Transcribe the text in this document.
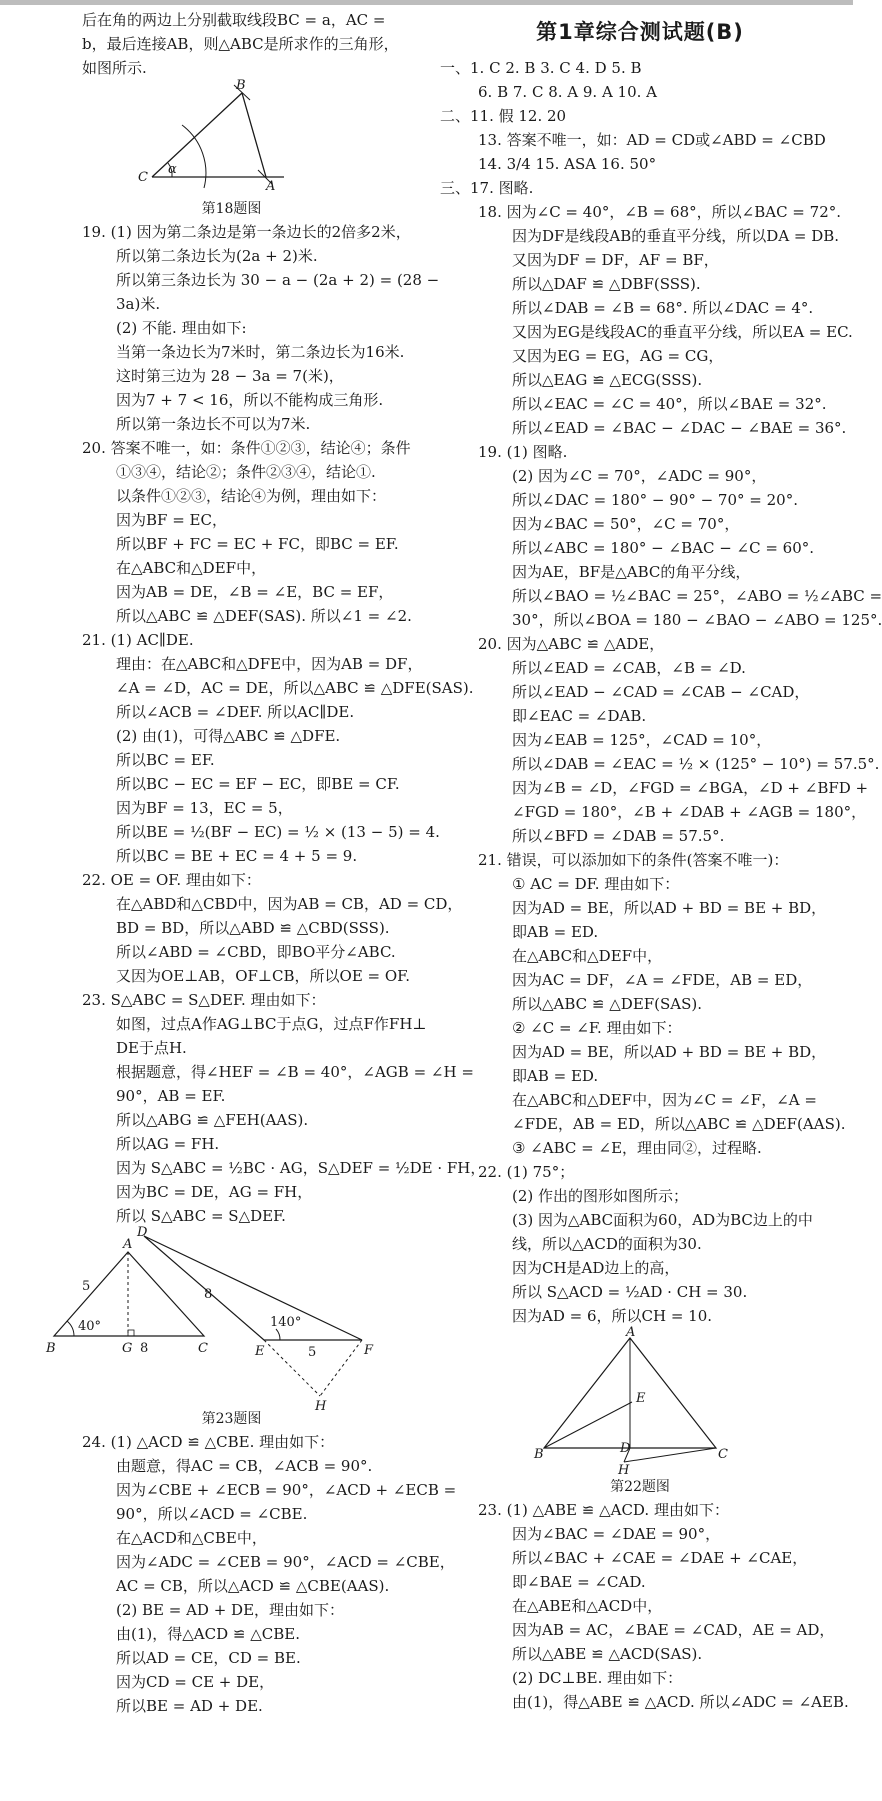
后在角的两边上分别截取线段BC = a，AC =
b，最后连接AB，则△ABC是所求作的三角形，
如图所示.
C
B
A
α
第18题图
19. (1) 因为第二条边是第一条边长的2倍多2米，
所以第二条边长为(2a + 2)米.
所以第三条边长为 30 − a − (2a + 2) = (28 −
3a)米.
(2) 不能. 理由如下:
当第一条边长为7米时，第二条边长为16米.
这时第三边为 28 − 3a = 7(米)，
因为7 + 7 < 16，所以不能构成三角形.
所以第一条边长不可以为7米.
20. 答案不唯一，如：条件①②③，结论④；条件
①③④，结论②；条件②③④，结论①.
以条件①②③，结论④为例，理由如下：
因为BF = EC，
所以BF + FC = EC + FC，即BC = EF.
在△ABC和△DEF中，
因为AB = DE，∠B = ∠E，BC = EF，
所以△ABC ≌ △DEF(SAS). 所以∠1 = ∠2.
21. (1) AC∥DE.
理由：在△ABC和△DFE中，因为AB = DF，
∠A = ∠D，AC = DE，所以△ABC ≌ △DFE(SAS).
所以∠ACB = ∠DEF. 所以AC∥DE.
(2) 由(1)，可得△ABC ≌ △DFE.
所以BC = EF.
所以BC − EC = EF − EC，即BE = CF.
因为BF = 13，EC = 5，
所以BE = ½(BF − EC) = ½ × (13 − 5) = 4.
所以BC = BE + EC = 4 + 5 = 9.
22. OE = OF. 理由如下：
在△ABD和△CBD中，因为AB = CB，AD = CD，
BD = BD，所以△ABD ≌ △CBD(SSS).
所以∠ABD = ∠CBD，即BO平分∠ABC.
又因为OE⊥AB，OF⊥CB，所以OE = OF.
23. S△ABC = S△DEF. 理由如下：
如图，过点A作AG⊥BC于点G，过点F作FH⊥
DE于点H.
根据题意，得∠HEF = ∠B = 40°，∠AGB = ∠H =
90°，AB = EF.
所以△ABG ≌ △FEH(AAS).
所以AG = FH.
因为 S△ABC = ½BC · AG，S△DEF = ½DE · FH，
因为BC = DE，AG = FH，
所以 S△ABC = S△DEF.
A
B	G	C
D
E	F
H
5
8
8
5
40°	140°
第23题图
24. (1) △ACD ≌ △CBE. 理由如下：
由题意，得AC = CB，∠ACB = 90°.
因为∠CBE + ∠ECB = 90°，∠ACD + ∠ECB =
90°，所以∠ACD = ∠CBE.
在△ACD和△CBE中，
因为∠ADC = ∠CEB = 90°，∠ACD = ∠CBE，
AC = CB，所以△ACD ≌ △CBE(AAS).
(2) BE = AD + DE，理由如下：
由(1)，得△ACD ≌ △CBE.
所以AD = CE，CD = BE.
因为CD = CE + DE，
所以BE = AD + DE.
第1章综合测试题(B)
一、1. C 2. B 3. C 4. D 5. B
6. B 7. C 8. A 9. A 10. A
二、11. 假 12. 20
13. 答案不唯一，如：AD = CD或∠ABD = ∠CBD
14. 3/4 15. ASA 16. 50°
三、17. 图略.
18. 因为∠C = 40°，∠B = 68°，所以∠BAC = 72°.
因为DF是线段AB的垂直平分线，所以DA = DB.
又因为DF = DF，AF = BF，
所以△DAF ≌ △DBF(SSS).
所以∠DAB = ∠B = 68°. 所以∠DAC = 4°.
又因为EG是线段AC的垂直平分线，所以EA = EC.
又因为EG = EG，AG = CG，
所以△EAG ≌ △ECG(SSS).
所以∠EAC = ∠C = 40°，所以∠BAE = 32°.
所以∠EAD = ∠BAC − ∠DAC − ∠BAE = 36°.
19. (1) 图略.
(2) 因为∠C = 70°，∠ADC = 90°，
所以∠DAC = 180° − 90° − 70° = 20°.
因为∠BAC = 50°，∠C = 70°，
所以∠ABC = 180° − ∠BAC − ∠C = 60°.
因为AE，BF是△ABC的角平分线，
所以∠BAO = ½∠BAC = 25°，∠ABO = ½∠ABC =
30°，所以∠BOA = 180 − ∠BAO − ∠ABO = 125°.
20. 因为△ABC ≌ △ADE，
所以∠EAD = ∠CAB，∠B = ∠D.
所以∠EAD − ∠CAD = ∠CAB − ∠CAD，
即∠EAC = ∠DAB.
因为∠EAB = 125°，∠CAD = 10°，
所以∠DAB = ∠EAC = ½ × (125° − 10°) = 57.5°.
因为∠B = ∠D，∠FGD = ∠BGA，∠D + ∠BFD +
∠FGD = 180°，∠B + ∠DAB + ∠AGB = 180°，
所以∠BFD = ∠DAB = 57.5°.
21. 错误，可以添加如下的条件(答案不唯一)：
① AC = DF. 理由如下：
因为AD = BE，所以AD + BD = BE + BD，
即AB = ED.
在△ABC和△DEF中，
因为AC = DF，∠A = ∠FDE，AB = ED，
所以△ABC ≌ △DEF(SAS).
② ∠C = ∠F. 理由如下：
因为AD = BE，所以AD + BD = BE + BD，
即AB = ED.
在△ABC和△DEF中，因为∠C = ∠F，∠A =
∠FDE，AB = ED，所以△ABC ≌ △DEF(AAS).
③ ∠ABC = ∠E，理由同②，过程略.
22. (1) 75°；
(2) 作出的图形如图所示；
(3) 因为△ABC面积为60，AD为BC边上的中
线，所以△ACD的面积为30.
因为CH是AD边上的高，
所以 S△ACD = ½AD · CH = 30.
因为AD = 6，所以CH = 10.
A
B	C
D
E
H
第22题图
23. (1) △ABE ≌ △ACD. 理由如下：
因为∠BAC = ∠DAE = 90°，
所以∠BAC + ∠CAE = ∠DAE + ∠CAE，
即∠BAE = ∠CAD.
在△ABE和△ACD中，
因为AB = AC，∠BAE = ∠CAD，AE = AD，
所以△ABE ≌ △ACD(SAS).
(2) DC⊥BE. 理由如下：
由(1)，得△ABE ≌ △ACD. 所以∠ADC = ∠AEB.
